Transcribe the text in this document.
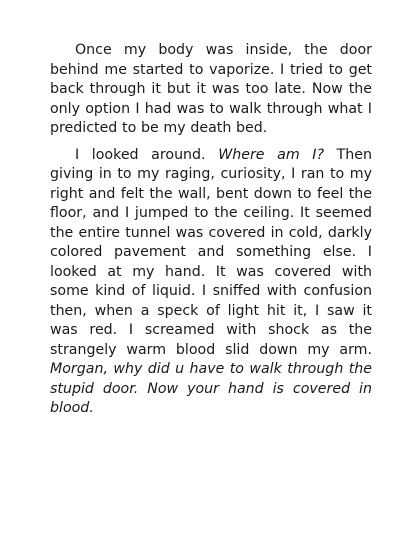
Once my body was inside, the door behind me started to vaporize. I tried to get back through it but it was too late. Now the only option I had was to walk through what I predicted to be my death bed.

I looked around. Where am I? Then giving in to my raging, curiosity, I ran to my right and felt the wall, bent down to feel the floor, and I jumped to the ceiling. It seemed the entire tunnel was covered in cold, darkly colored pavement and something else. I looked at my hand. It was covered with some kind of liquid. I sniffed with confusion then, when a speck of light hit it, I saw it was red. I screamed with shock as the strangely warm blood slid down my arm. Morgan, why did u have to walk through the stupid door. Now your hand is covered in blood.
